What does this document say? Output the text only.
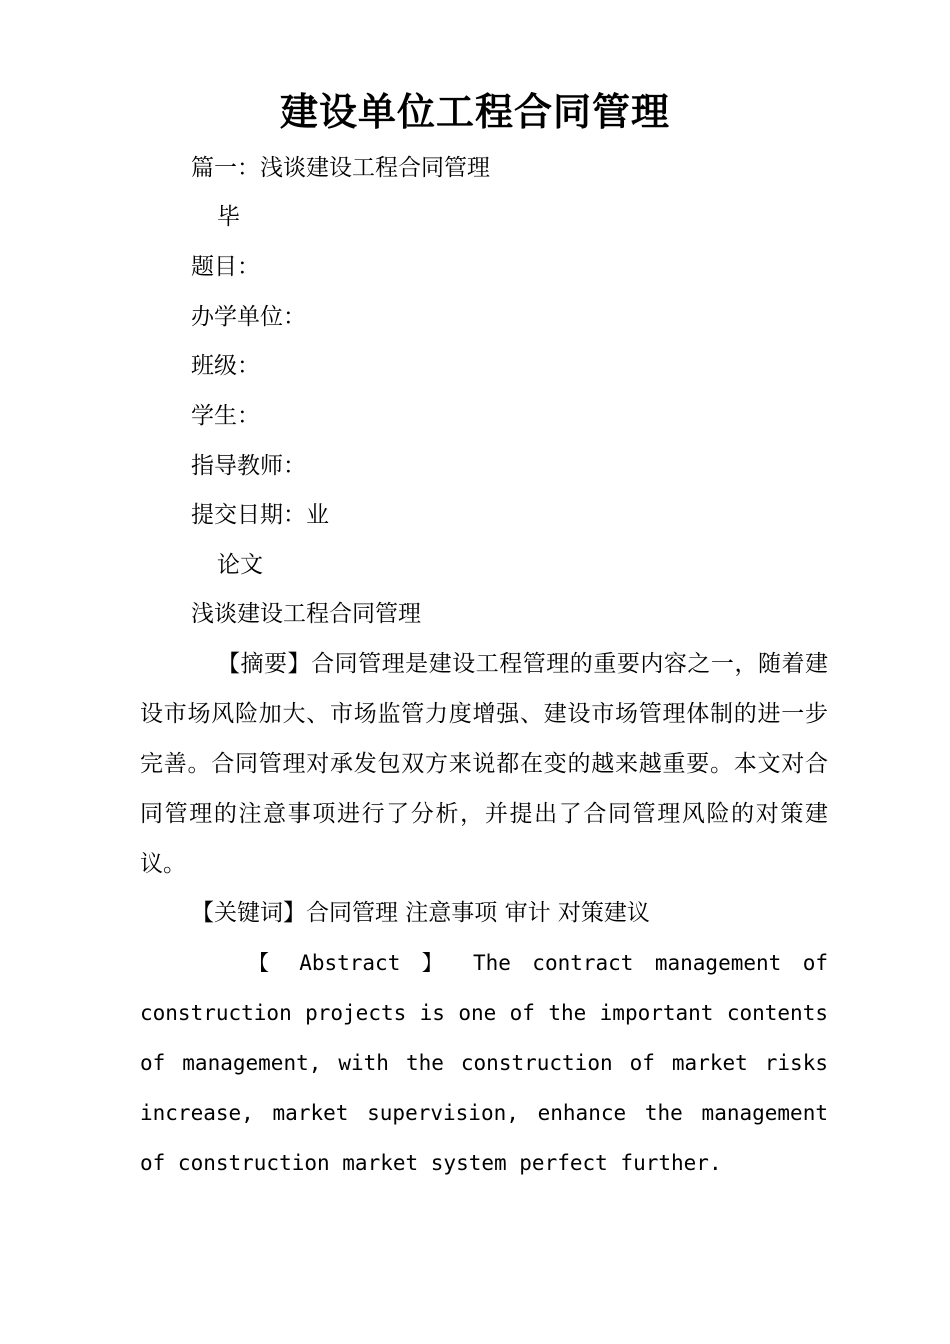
建设单位工程合同管理
篇一：浅谈建设工程合同管理
毕
题目：
办学单位：
班级：
学生：
指导教师：
提交日期：业
论文
浅谈建设工程合同管理
【摘要】合同管理是建设工程管理的重要内容之一，随着建设市场风险加大、市场监管力度增强、建设市场管理体制的进一步完善。合同管理对承发包双方来说都在变的越来越重要。本文对合同管理的注意事项进行了分析，并提出了合同管理风险的对策建议。
【关键词】合同管理 注意事项 审计 对策建议
【 Abstract 】 The contract management of
construction projects is one of the important contents of management, with the construction of market risks increase, market supervision, enhance the management of construction market system perfect further.
